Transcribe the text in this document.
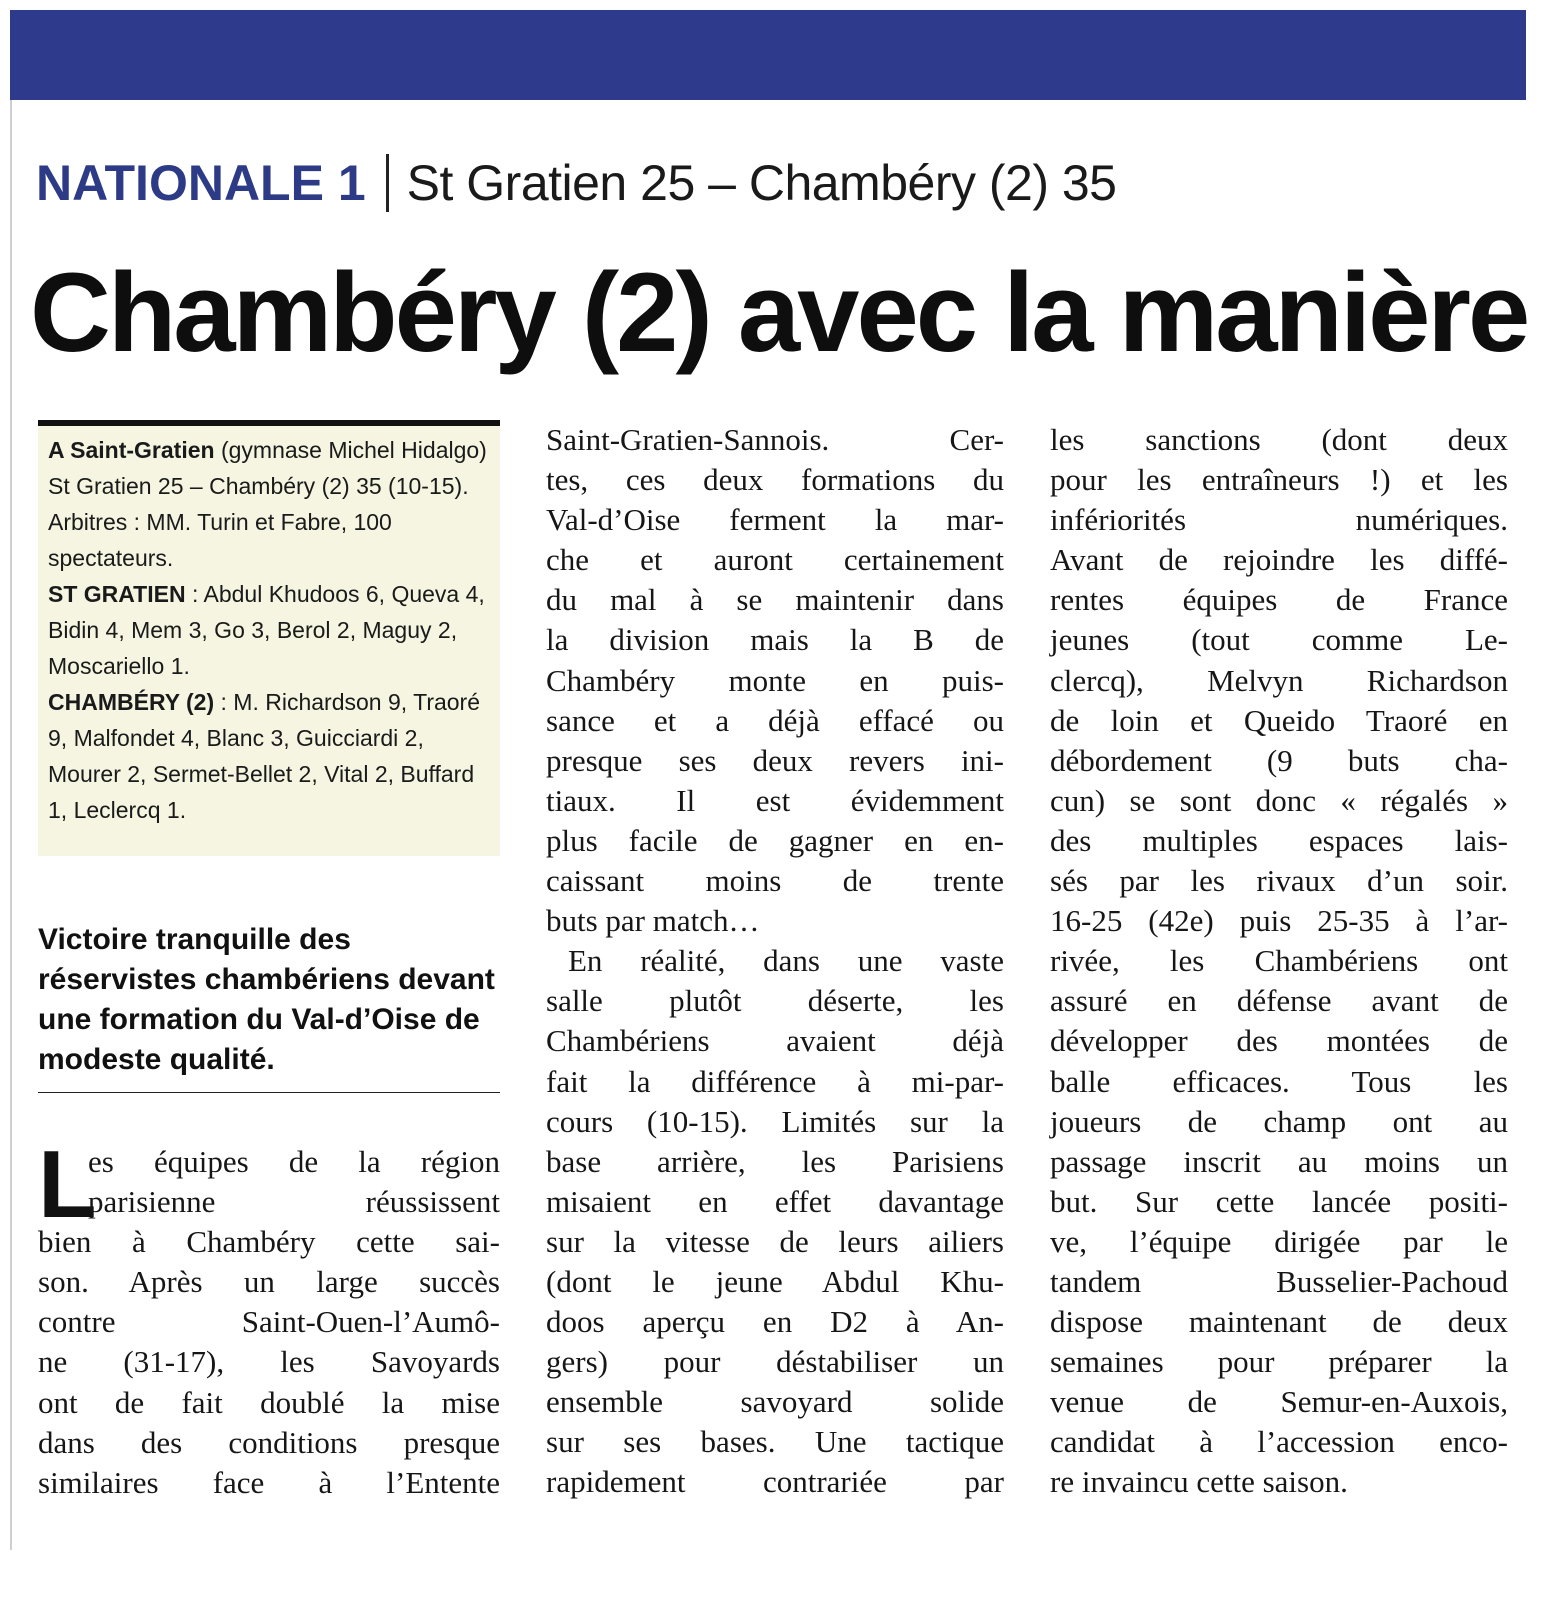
NATIONALE 1 St Gratien 25 – Chambéry (2) 35
Chambéry (2) avec la manière

A Saint-Gratien (gymnase Michel Hidalgo) St Gratien 25 – Chambéry (2) 35 (10-15). Arbitres : MM. Turin et Fabre, 100 spectateurs.

ST GRATIEN : Abdul Khudoos 6, Queva 4, Bidin 4, Mem 3, Go 3, Berol 2, Maguy 2, Moscariello 1.

CHAMBÉRY (2) : M. Richardson 9, Traoré 9, Malfondet 4, Blanc 3, Guicciardi 2, Mourer 2, Sermet-Bellet 2, Vital 2, Buffard 1, Leclercq 1.

Victoire tranquille des réservistes chambériens devant une formation du Val-d’Oise de modeste qualité.
L
es équipes de la région
parisienne réussissent
bien à Chambéry cette sai-
son. Après un large succès
contre Saint-Ouen-l’Aumô-
ne (31-17), les Savoyards
ont de fait doublé la mise
dans des conditions presque
similaires face à l’Entente
Saint-Gratien-Sannois. Cer-
tes, ces deux formations du
Val-d’Oise ferment la mar-
che et auront certainement
du mal à se maintenir dans
la division mais la B de
Chambéry monte en puis-
sance et a déjà effacé ou
presque ses deux revers ini-
tiaux. Il est évidemment
plus facile de gagner en en-
caissant moins de trente
buts par match…
En réalité, dans une vaste
salle plutôt déserte, les
Chambériens avaient déjà
fait la différence à mi-par-
cours (10-15). Limités sur la
base arrière, les Parisiens
misaient en effet davantage
sur la vitesse de leurs ailiers
(dont le jeune Abdul Khu-
doos aperçu en D2 à An-
gers) pour déstabiliser un
ensemble savoyard solide
sur ses bases. Une tactique
rapidement contrariée par
les sanctions (dont deux
pour les entraîneurs !) et les
infériorités numériques.
Avant de rejoindre les diffé-
rentes équipes de France
jeunes (tout comme Le-
clercq), Melvyn Richardson
de loin et Queido Traoré en
débordement (9 buts cha-
cun) se sont donc « régalés »
des multiples espaces lais-
sés par les rivaux d’un soir.
16-25 (42e) puis 25-35 à l’ar-
rivée, les Chambériens ont
assuré en défense avant de
développer des montées de
balle efficaces. Tous les
joueurs de champ ont au
passage inscrit au moins un
but. Sur cette lancée positi-
ve, l’équipe dirigée par le
tandem Busselier-Pachoud
dispose maintenant de deux
semaines pour préparer la
venue de Semur-en-Auxois,
candidat à l’accession enco-
re invaincu cette saison.
